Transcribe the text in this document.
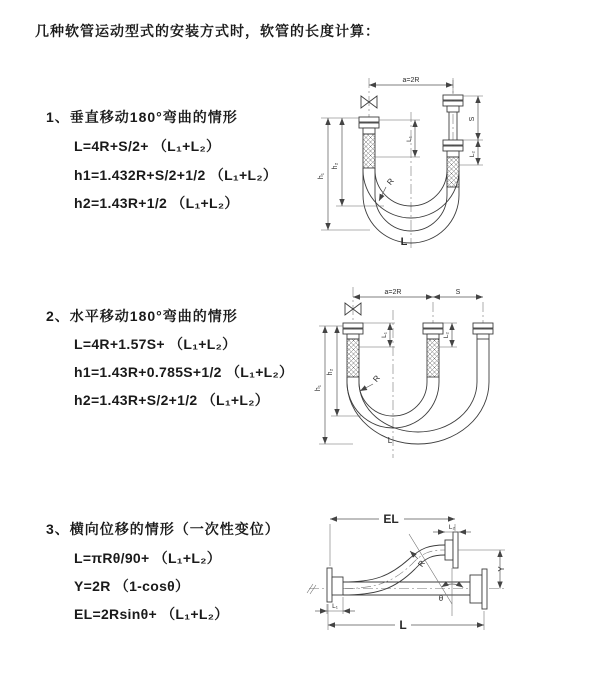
几种软管运动型式的安装方式时，软管的长度计算：
1、垂直移动180°弯曲的情形
L=4R+S/2+ （L₁+L₂）
h1=1.432R+S/2+1/2 （L₁+L₂）
h2=1.43R+1/2 （L₁+L₂）
2、水平移动180°弯曲的情形
L=4R+1.57S+ （L₁+L₂）
h1=1.43R+0.785S+1/2 （L₁+L₂）
h2=1.43R+S/2+1/2 （L₁+L₂）
3、横向位移的情形（一次性变位）
L=πRθ/90+ （L₁+L₂）
Y=2R （1-cosθ）
EL=2Rsinθ+ （L₁+L₂）
a=2R
h₁
h₂
L₁
S
L₂
R
L
a=2R	S
h₁
h₂
L₁	L₂
R
L
EL
L₂
Y
R
θ
L₁
L
